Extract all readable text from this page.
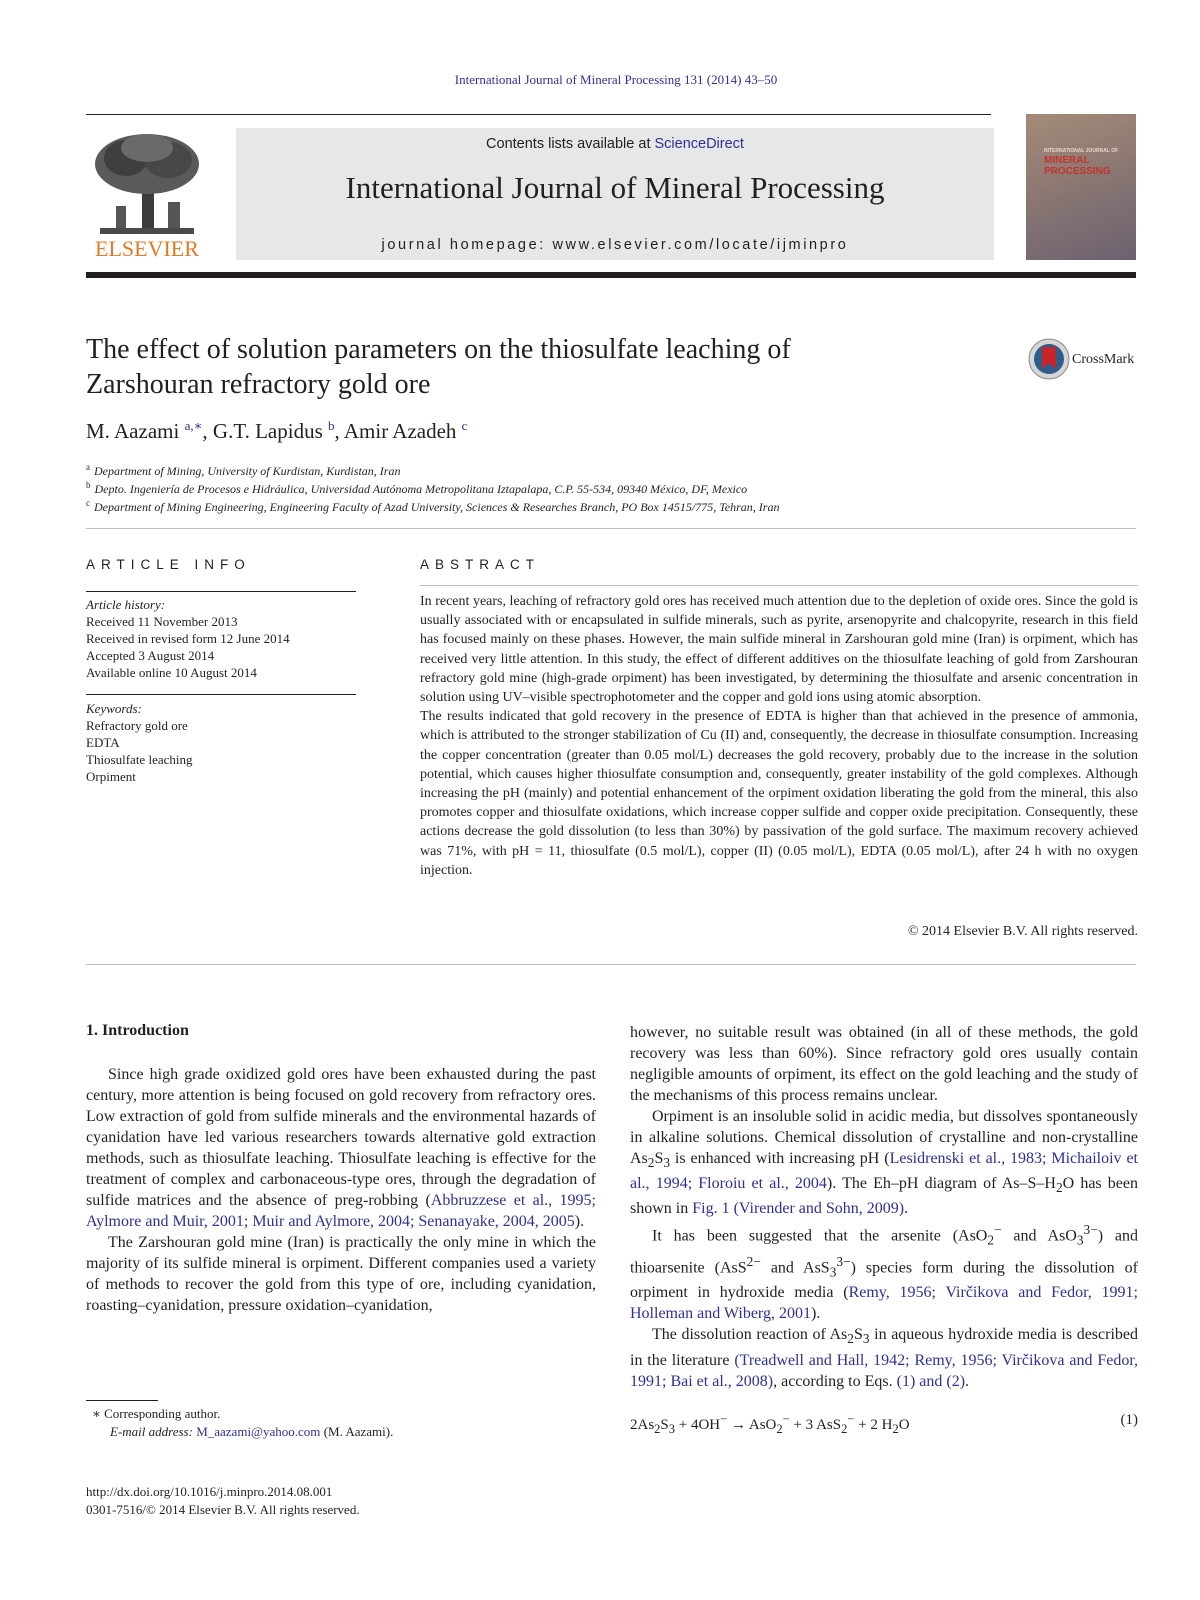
International Journal of Mineral Processing 131 (2014) 43–50
ELSEVIER
Contents lists available at ScienceDirect
International Journal of Mineral Processing
journal homepage: www.elsevier.com/locate/ijminpro
INTERNATIONAL JOURNAL OF
MINERAL PROCESSING
The effect of solution parameters on the thiosulfate leaching of
Zarshouran refractory gold ore
CrossMark
M. Aazami $^{a,∗}$, G.T. Lapidus $^b$, Amir Azadeh $^c$
$^a$ Department of Mining, University of Kurdistan, Kurdistan, Iran
$^b$ Depto. Ingeniería de Procesos e Hidráulica, Universidad Autónoma Metropolitana Iztapalapa, C.P. 55-534, 09340 México, DF, Mexico
$^c$ Department of Mining Engineering, Engineering Faculty of Azad University, Sciences & Researches Branch, PO Box 14515/775, Tehran, Iran
ARTICLE INFO
Article history:
Received 11 November 2013
Received in revised form 12 June 2014
Accepted 3 August 2014
Available online 10 August 2014
Keywords:
Refractory gold ore
EDTA
Thiosulfate leaching
Orpiment
ABSTRACT

In recent years, leaching of refractory gold ores has received much attention due to the depletion of oxide ores. Since the gold is usually associated with or encapsulated in sulfide minerals, such as pyrite, arsenopyrite and chalcopyrite, research in this field has focused mainly on these phases. However, the main sulfide mineral in Zarshouran gold mine (Iran) is orpiment, which has received very little attention. In this study, the effect of different additives on the thiosulfate leaching of gold from Zarshouran refractory gold mine (high-grade orpiment) has been investigated, by determining the thiosulfate and arsenic concentration in solution using UV–visible spectrophotometer and the copper and gold ions using atomic absorption.

The results indicated that gold recovery in the presence of EDTA is higher than that achieved in the presence of ammonia, which is attributed to the stronger stabilization of Cu (II) and, consequently, the decrease in thiosulfate consumption. Increasing the copper concentration (greater than 0.05 mol/L) decreases the gold recovery, probably due to the increase in the solution potential, which causes higher thiosulfate consumption and, consequently, greater instability of the gold complexes. Although increasing the pH (mainly) and potential enhancement of the orpiment oxidation liberating the gold from the mineral, this also promotes copper and thiosulfate oxidations, which increase copper sulfide and copper oxide precipitation. Consequently, these actions decrease the gold dissolution (to less than 30%) by passivation of the gold surface. The maximum recovery achieved was 71%, with pH = 11, thiosulfate (0.5 mol/L), copper (II) (0.05 mol/L), EDTA (0.05 mol/L), after 24 h with no oxygen injection.

© 2014 Elsevier B.V. All rights reserved.
1. Introduction

Since high grade oxidized gold ores have been exhausted during the past century, more attention is being focused on gold recovery from refractory ores. Low extraction of gold from sulfide minerals and the environmental hazards of cyanidation have led various researchers towards alternative gold extraction methods, such as thiosulfate leaching. Thiosulfate leaching is effective for the treatment of complex and carbonaceous-type ores, through the degradation of sulfide matrices and the absence of preg-robbing (Abbruzzese et al., 1995; Aylmore and Muir, 2001; Muir and Aylmore, 2004; Senanayake, 2004, 2005).

The Zarshouran gold mine (Iran) is practically the only mine in which the majority of its sulfide mineral is orpiment. Different companies used a variety of methods to recover the gold from this type of ore, including cyanidation, roasting–cyanidation, pressure oxidation–cyanidation,

however, no suitable result was obtained (in all of these methods, the gold recovery was less than 60%). Since refractory gold ores usually contain negligible amounts of orpiment, its effect on the gold leaching and the study of the mechanisms of this process remains unclear.

Orpiment is an insoluble solid in acidic media, but dissolves spontaneously in alkaline solutions. Chemical dissolution of crystalline and non-crystalline $As_2S_3$ is enhanced with increasing pH (Lesidrenski et al., 1983; Michailoiv et al., 1994; Floroiu et al., 2004). The Eh–pH diagram of $As-S-H_2O$ has been shown in Fig. 1 (Virender and Sohn, 2009).

It has been suggested that the arsenite (AsO$_2$− and AsO$_3^{3-}$) and thioarsenite (AsS$^{2-}$ and AsS$_3^{3-}$) species form during the dissolution of orpiment in hydroxide media (Remy, 1956; Virčikova and Fedor, 1991; Holleman and Wiberg, 2001).

The dissolution reaction of $As_2S_3$ in aqueous hydroxide media is described in the literature (Treadwell and Hall, 1942; Remy, 1956; Virčikova and Fedor, 1991; Bai et al., 2008), according to Eqs. (1) and (2).

$2As_2S_3 + 4OH^- \to AsO_2^- + 3$ AsS$_2$− + 2 $H_2O$	(1)
∗ Corresponding author.
E-mail address: M_aazami@yahoo.com (M. Aazami).
http://dx.doi.org/10.1016/j.minpro.2014.08.001
0301-7516/© 2014 Elsevier B.V. All rights reserved.
